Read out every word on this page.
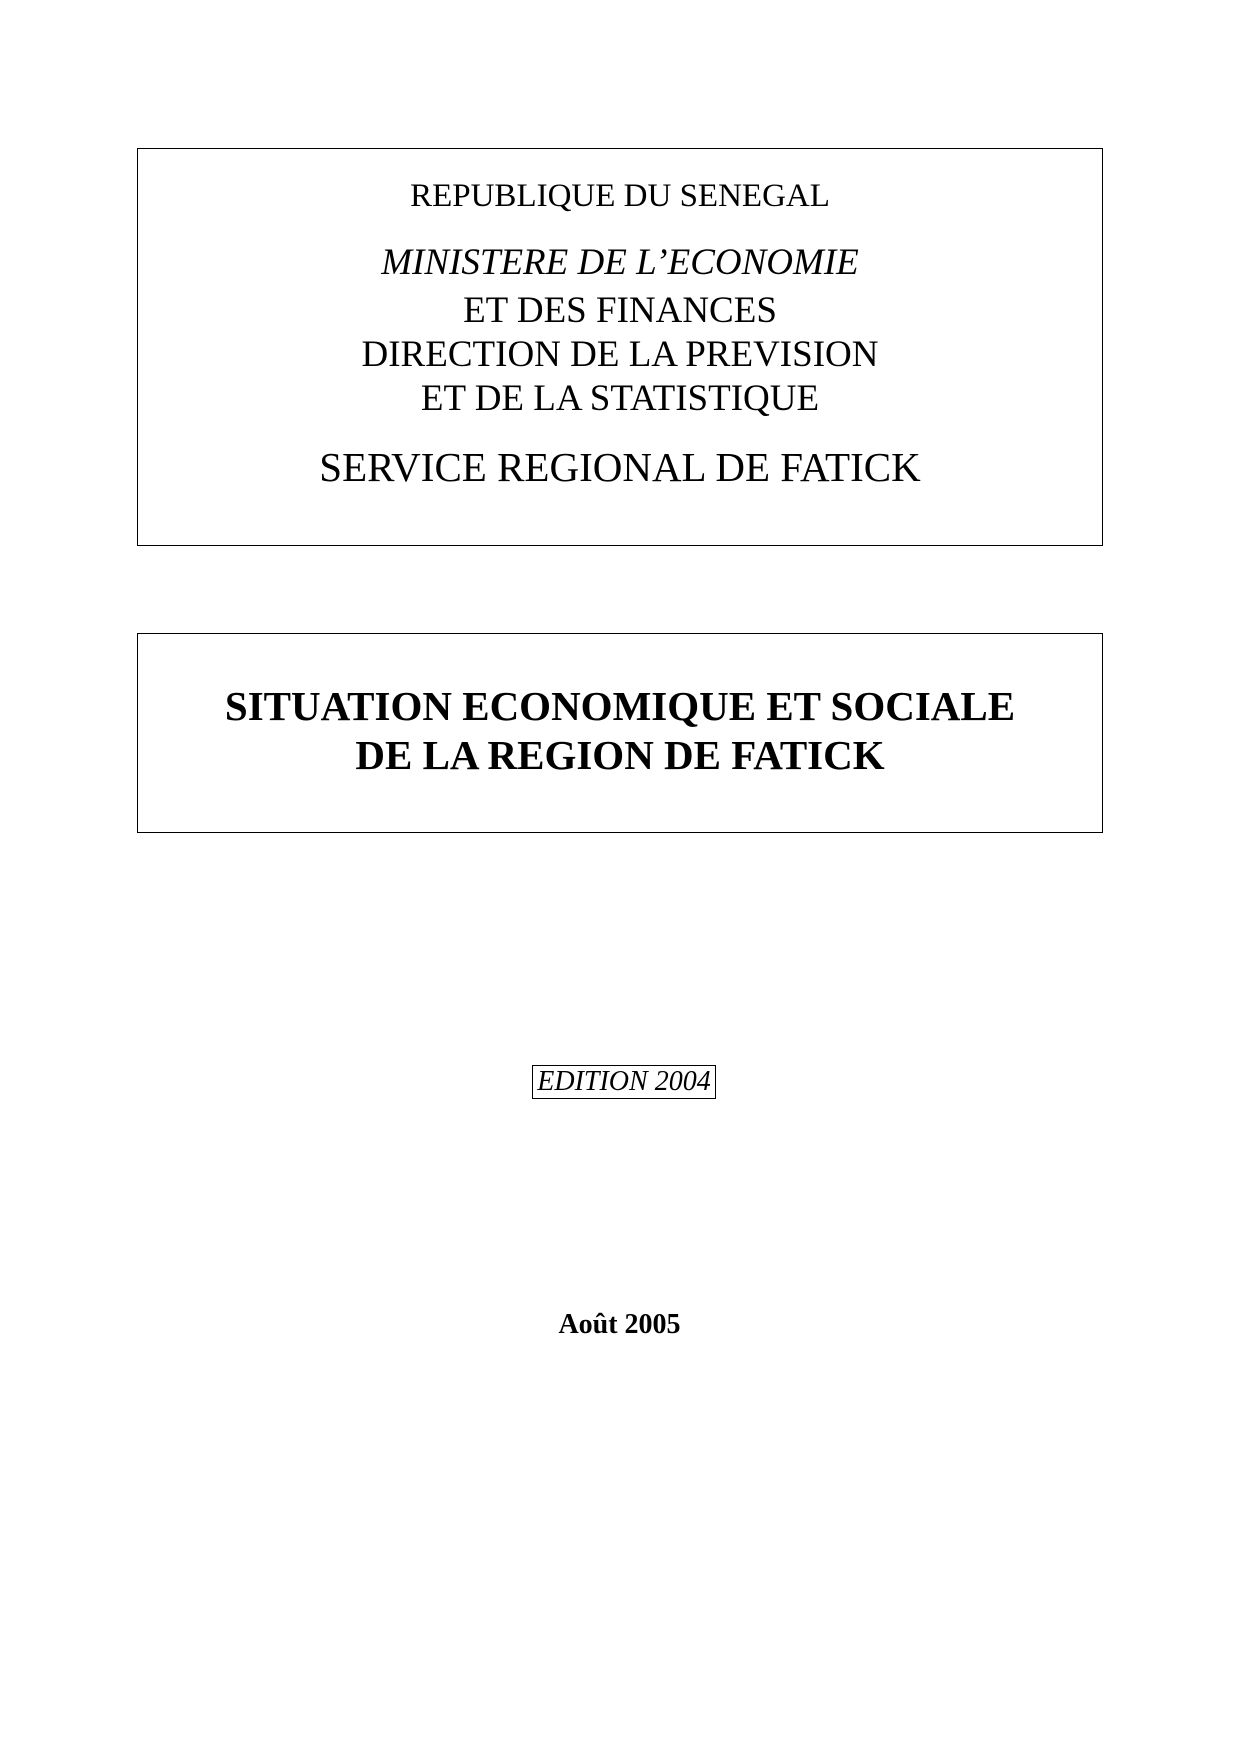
REPUBLIQUE DU SENEGAL
MINISTERE DE L’ECONOMIE
ET DES FINANCES
DIRECTION DE LA PREVISION
ET DE LA STATISTIQUE
SERVICE REGIONAL DE FATICK
SITUATION ECONOMIQUE ET SOCIALE
DE LA REGION DE FATICK
EDITION 2004
Août 2005
